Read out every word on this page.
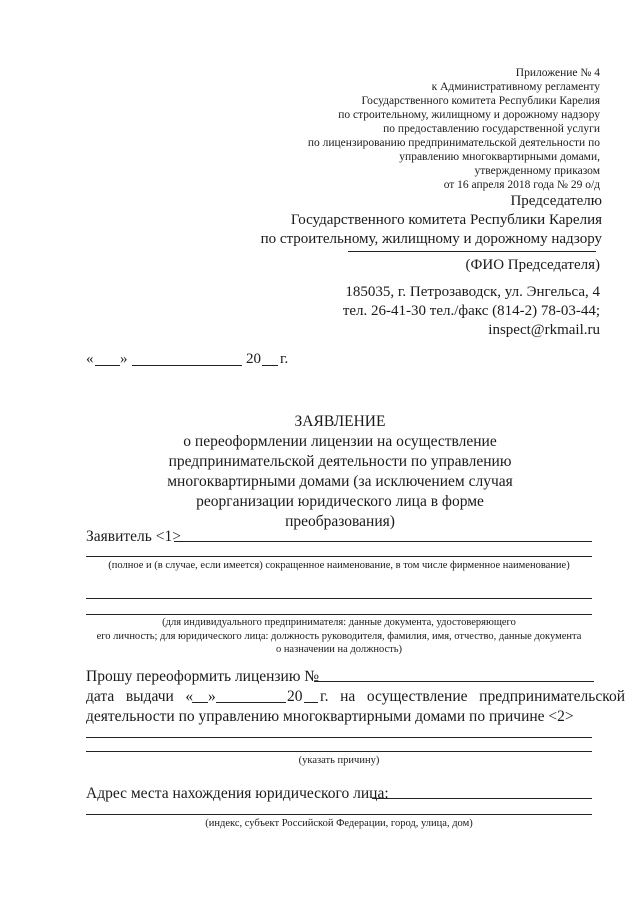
Приложение № 4
к Административному регламенту
Государственного комитета Республики Карелия
по строительному, жилищному и дорожному надзору
по предоставлению государственной услуги
по лицензированию предпринимательской деятельности по
управлению многоквартирными домами,
утвержденному приказом
от 16 апреля 2018 года № 29 о/д
Председателю
Государственного комитета Республики Карелия
по строительному, жилищному и дорожному надзору
(ФИО Председателя)
185035, г. Петрозаводск, ул. Энгельса, 4
тел. 26-41-30 тел./факс (814-2) 78-03-44;
inspect@rkmail.ru
« »	20 г.
ЗАЯВЛЕНИЕ
о переоформлении лицензии на осуществление
предпринимательской деятельности по управлению
многоквартирными домами (за исключением случая
реорганизации юридического лица в форме
преобразования)
Заявитель <1>
(полное и (в случае, если имеется) сокращенное наименование, в том числе фирменное наименование)
(для индивидуального предпринимателя: данные документа, удостоверяющего
его личность; для юридического лица: должность руководителя, фамилия, имя, отчество, данные документа
о назначении на должность)
Прошу переоформить лицензию №
дата   выдачи   « »	20 г.   на   осуществление   предпринимательской
деятельности по управлению многоквартирными домами по причине <2>
(указать причину)
Адрес места нахождения юридического лица:
(индекс, субъект Российской Федерации, город, улица, дом)
